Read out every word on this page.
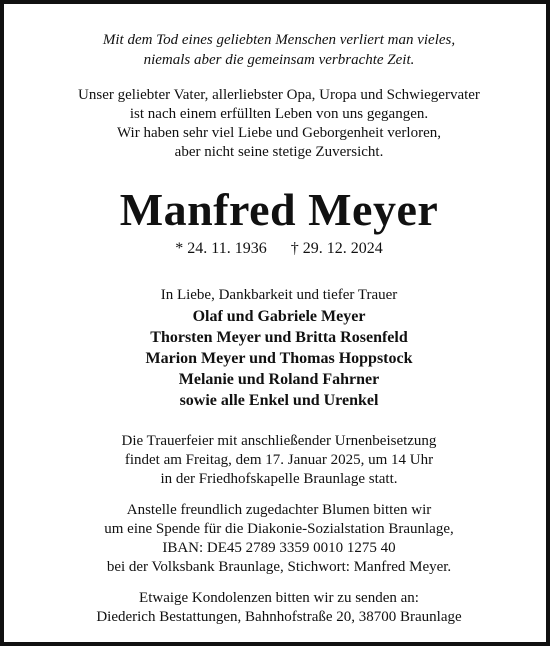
Mit dem Tod eines geliebten Menschen verliert man vieles,
niemals aber die gemeinsam verbrachte Zeit.
Unser geliebter Vater, allerliebster Opa, Uropa und Schwiegervater
ist nach einem erfüllten Leben von uns gegangen.
Wir haben sehr viel Liebe und Geborgenheit verloren,
aber nicht seine stetige Zuversicht.
Manfred Meyer
* 24. 11. 1936 † 29. 12. 2024
In Liebe, Dankbarkeit und tiefer Trauer
Olaf und Gabriele Meyer
Thorsten Meyer und Britta Rosenfeld
Marion Meyer und Thomas Hoppstock
Melanie und Roland Fahrner
sowie alle Enkel und Urenkel
Die Trauerfeier mit anschließender Urnenbeisetzung
findet am Freitag, dem 17. Januar 2025, um 14 Uhr
in der Friedhofskapelle Braunlage statt.
Anstelle freundlich zugedachter Blumen bitten wir
um eine Spende für die Diakonie-Sozialstation Braunlage,
IBAN: DE45 2789 3359 0010 1275 40
bei der Volksbank Braunlage, Stichwort: Manfred Meyer.
Etwaige Kondolenzen bitten wir zu senden an:
Diederich Bestattungen, Bahnhofstraße 20, 38700 Braunlage
